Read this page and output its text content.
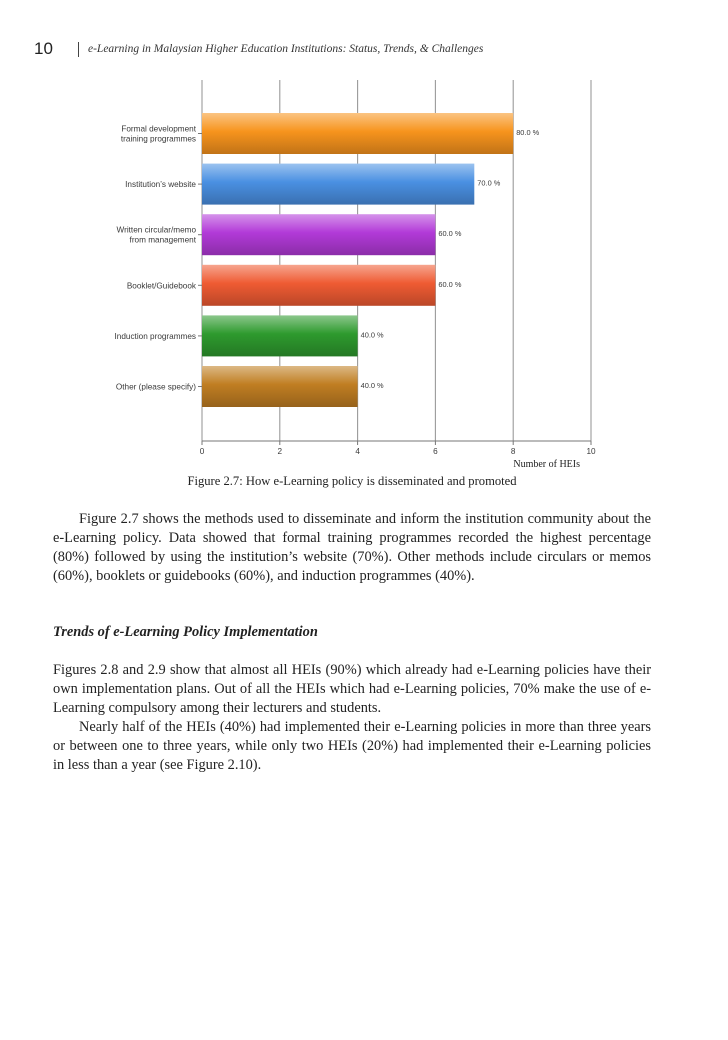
10	e-Learning in Malaysian Higher Education Institutions: Status, Trends, & Challenges
0	2	4	6	8	10
Formal development training programmes
80.0 %
Institution’s website	70.0 %
Written circular/memo from management
60.0 %
Booklet/Guidebook	60.0 %
Induction programmes	40.0 %
Other (please specify)	40.0 %
Number of HEIs
Figure 2.7: How e-Learning policy is disseminated and promoted

Figure 2.7 shows the methods used to disseminate and inform the institution community about the e-Learning policy. Data showed that formal training programmes recorded the highest percentage (80%) followed by using the institution’s website (70%). Other methods include circulars or memos (60%), booklets or guidebooks (60%), and induction programmes (40%).

Trends of e-Learning Policy Implementation

Figures 2.8 and 2.9 show that almost all HEIs (90%) which already had e-Learning policies have their own implementation plans. Out of all the HEIs which had e-Learning policies, 70% make the use of e-Learning compulsory among their lecturers and students.

Nearly half of the HEIs (40%) had implemented their e-Learning policies in more than three years or between one to three years, while only two HEIs (20%) had implemented their e-Learning policies in less than a year (see Figure 2.10).
